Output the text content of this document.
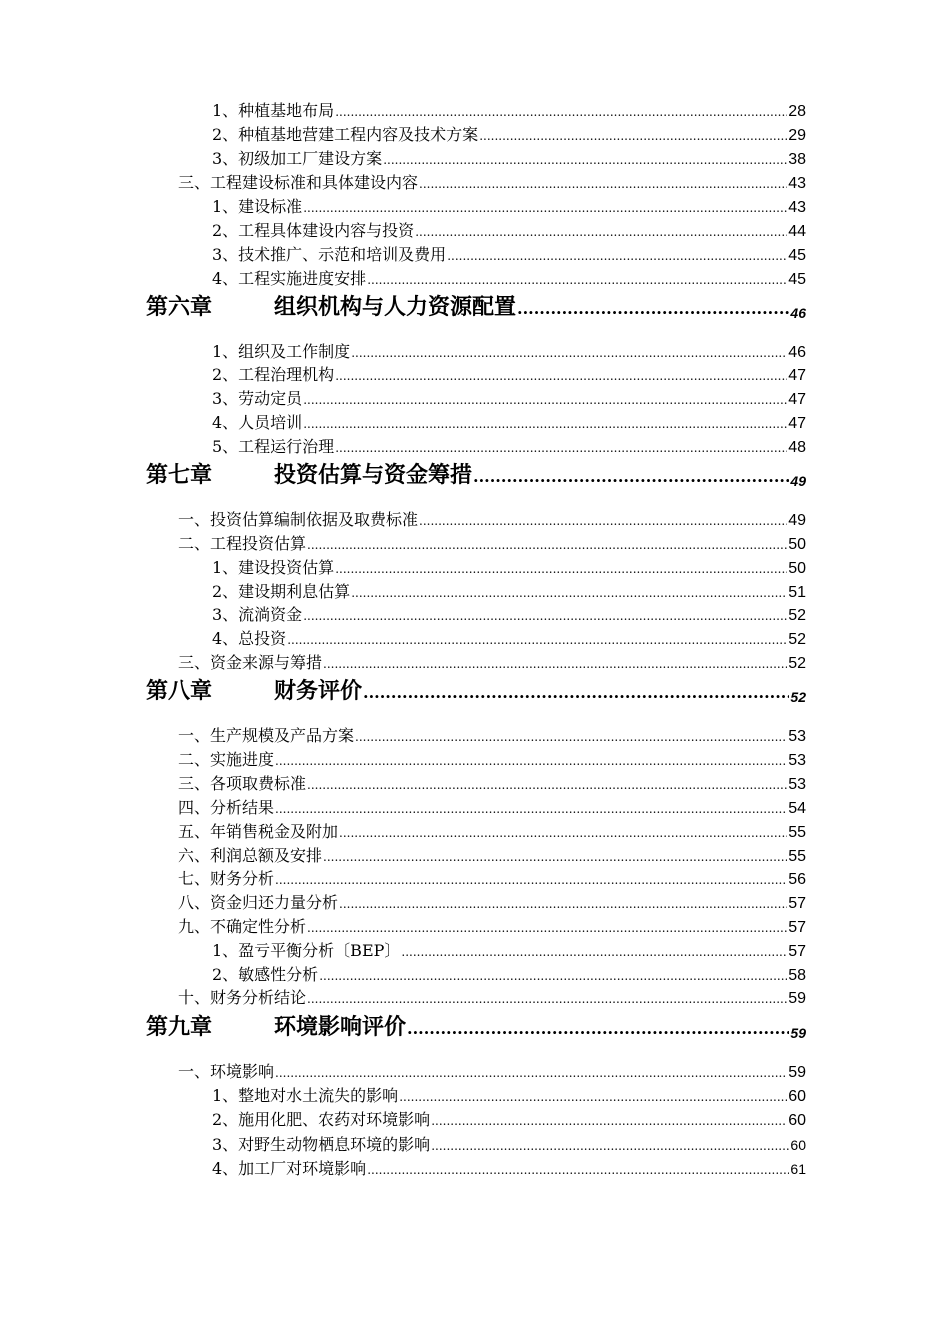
1、种植基地布局 .....	28
2、种植基地营建工程内容及技术方案 .....	29
3、初级加工厂建设方案 .....	38
三、工程建设标准和具体建设内容 .....	43
1、建设标准 .....	43
2、工程具体建设内容与投资 .....	44
3、技术推广、示范和培训及费用 .....	45
4、工程实施进度安排 .....	45
第六章	组织机构与人力资源配置 .....	46
1、组织及工作制度 .....	46
2、工程治理机构 .....	47
3、劳动定员 .....	47
4、人员培训 .....	47
5、工程运行治理 .....	48
第七章	投资估算与资金筹措 .....	49
一、投资估算编制依据及取费标准 .....	49
二、工程投资估算 .....	50
1、建设投资估算 .....	50
2、建设期利息估算 .....	51
3、流淌资金 .....	52
4、总投资 .....	52
三、资金来源与筹措 .....	52
第八章	财务评价 .....	52
一、生产规模及产品方案 .....	53
二、实施进度 .....	53
三、各项取费标准 .....	53
四、分析结果 .....	54
五、年销售税金及附加 .....	55
六、利润总额及安排 .....	55
七、财务分析 .....	56
八、资金归还力量分析 .....	57
九、不确定性分析 .....	57
1、盈亏平衡分析〔BEP〕 .....	57
2、敏感性分析 .....	58
十、财务分析结论 .....	59
第九章	环境影响评价 .....	59
一、环境影响 .....	59
1、整地对水土流失的影响 .....	60
2、施用化肥、农药对环境影响 .....	60
3、对野生动物栖息环境的影响 .....	60
4、加工厂对环境影响 .....	61
